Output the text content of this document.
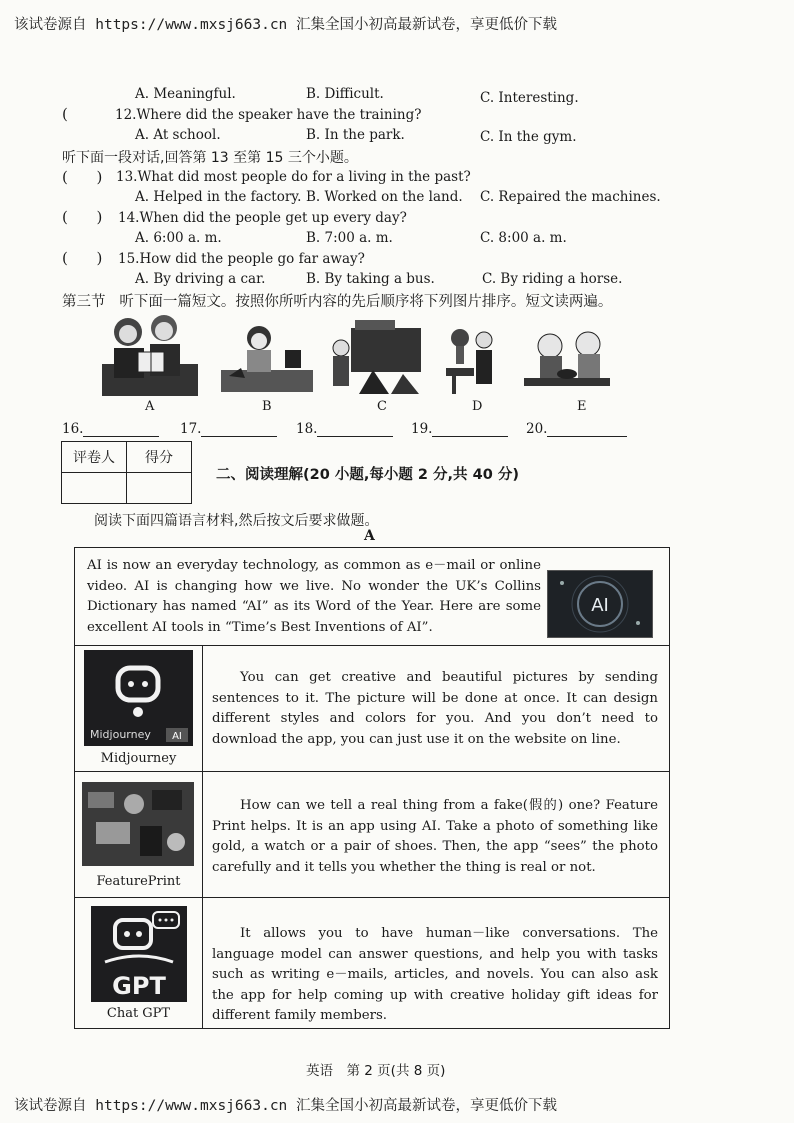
该试卷源自 https://www.mxsj663.cn 汇集全国小初高最新试卷，享更低价下载
A. Meaningful.	B. Difficult.	C. Interesting.
(	12.Where did the speaker have the training?
A. At school.	B. In the park.	C. In the gym.
听下面一段对话,回答第 13 至第 15 三个小题。
( ) 13.What did most people do for a living in the past?
A. Helped in the factory. B. Worked on the land. C. Repaired the machines.
( ) 14.When did the people get up every day?
A. 6:00 a. m.	B. 7:00 a. m.	C. 8:00 a. m.
( ) 15.How did the people go far away?
A. By driving a car.	B. By taking a bus.	C. By riding a horse.
第三节 听下面一篇短文。按照你所听内容的先后顺序将下列图片排序。短文读两遍。
A	B	C	D	E
16.	17.	18.	19.	20.
评卷人	得分

二、阅读理解(20 小题,每小题 2 分,共 40 分)
阅读下面四篇语言材料,然后按文后要求做题。
A
AI is now an everyday technology, as common as e－mail or online video. AI is changing how we live. No wonder the UK’s Collins Dictionary has named “AI” as its Word of the Year. Here are some excellent AI tools in “Time’s Best Inventions of AI”.
AI
Midjourney AI
Midjourney
You can get creative and beautiful pictures by sending sentences to it. The picture will be done at once. It can design different styles and colors for you. And you don’t need to download the app, you can just use it on the website on line.
FeaturePrint
How can we tell a real thing from a fake(假的) one? Feature Print helps. It is an app using AI. Take a photo of something like gold, a watch or a pair of shoes. Then, the app “sees” the photo carefully and it tells you whether the thing is real or not.
GPT
Chat GPT
It allows you to have human－like conversations. The language model can answer questions, and help you with tasks such as writing e－mails, articles, and novels. You can also ask the app for help coming up with creative holiday gift ideas for different family members.
英语　第 2 页(共 8 页)
该试卷源自 https://www.mxsj663.cn 汇集全国小初高最新试卷，享更低价下载
